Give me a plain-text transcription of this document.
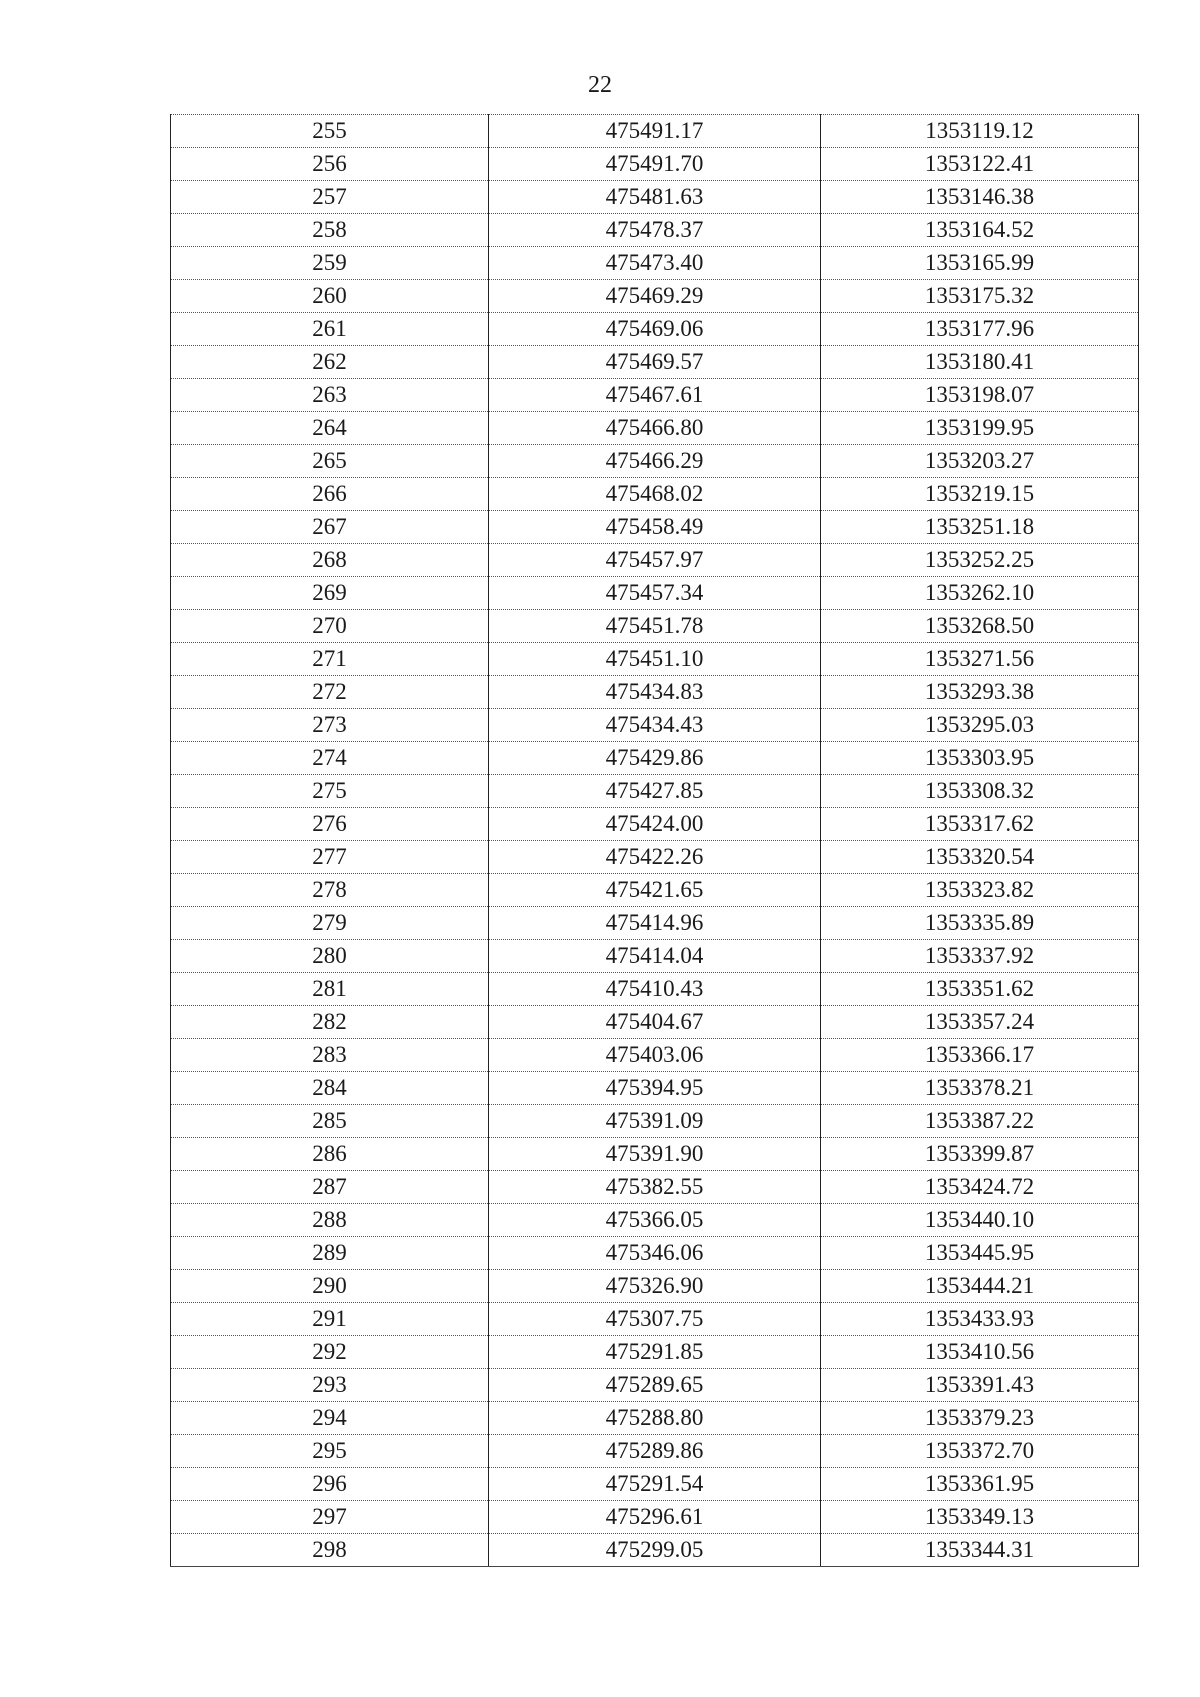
22
255	475491.17	1353119.12
256	475491.70	1353122.41
257	475481.63	1353146.38
258	475478.37	1353164.52
259	475473.40	1353165.99
260	475469.29	1353175.32
261	475469.06	1353177.96
262	475469.57	1353180.41
263	475467.61	1353198.07
264	475466.80	1353199.95
265	475466.29	1353203.27
266	475468.02	1353219.15
267	475458.49	1353251.18
268	475457.97	1353252.25
269	475457.34	1353262.10
270	475451.78	1353268.50
271	475451.10	1353271.56
272	475434.83	1353293.38
273	475434.43	1353295.03
274	475429.86	1353303.95
275	475427.85	1353308.32
276	475424.00	1353317.62
277	475422.26	1353320.54
278	475421.65	1353323.82
279	475414.96	1353335.89
280	475414.04	1353337.92
281	475410.43	1353351.62
282	475404.67	1353357.24
283	475403.06	1353366.17
284	475394.95	1353378.21
285	475391.09	1353387.22
286	475391.90	1353399.87
287	475382.55	1353424.72
288	475366.05	1353440.10
289	475346.06	1353445.95
290	475326.90	1353444.21
291	475307.75	1353433.93
292	475291.85	1353410.56
293	475289.65	1353391.43
294	475288.80	1353379.23
295	475289.86	1353372.70
296	475291.54	1353361.95
297	475296.61	1353349.13
298	475299.05	1353344.31
